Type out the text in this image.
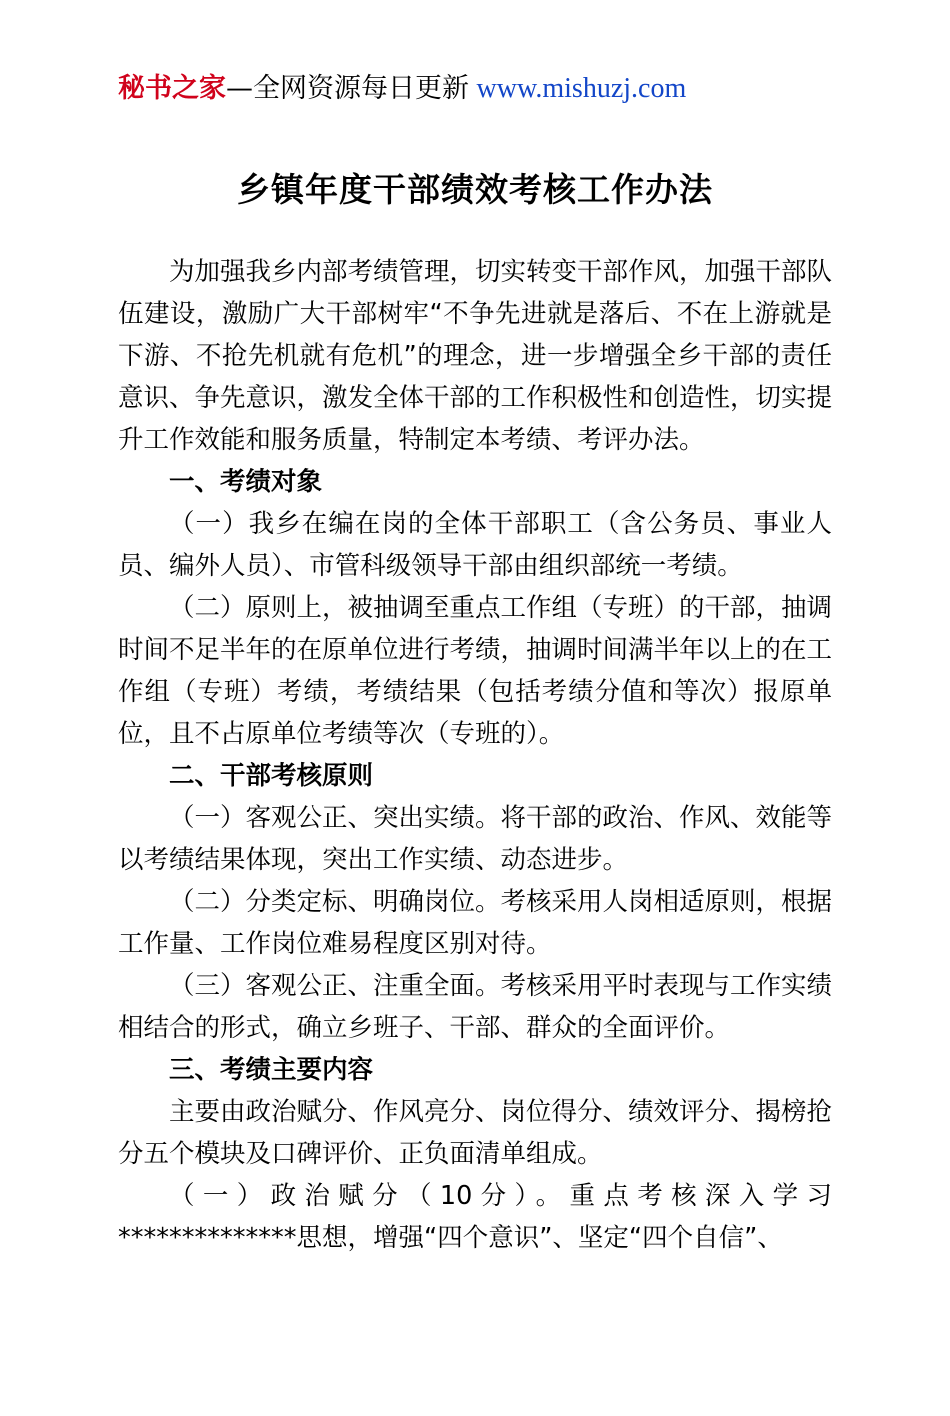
秘书之家—全网资源每日更新 www.mishuzj.com
乡镇年度干部绩效考核工作办法

为加强我乡内部考绩管理，切实转变干部作风，加强干部队伍建设，激励广大干部树牢“不争先进就是落后、不在上游就是下游、不抢先机就有危机”的理念，进一步增强全乡干部的责任意识、争先意识，激发全体干部的工作积极性和创造性，切实提升工作效能和服务质量，特制定本考绩、考评办法。

一、考绩对象

（一）我乡在编在岗的全体干部职工（含公务员、事业人员、编外人员）、市管科级领导干部由组织部统一考绩。

（二）原则上，被抽调至重点工作组（专班）的干部，抽调时间不足半年的在原单位进行考绩，抽调时间满半年以上的在工作组（专班）考绩，考绩结果（包括考绩分值和等次）报原单位，且不占原单位考绩等次（专班的）。

二、干部考核原则

（一）客观公正、突出实绩。将干部的政治、作风、效能等以考绩结果体现，突出工作实绩、动态进步。

（二）分类定标、明确岗位。考核采用人岗相适原则，根据工作量、工作岗位难易程度区别对待。

（三）客观公正、注重全面。考核采用平时表现与工作实绩相结合的形式，确立乡班子、干部、群众的全面评价。

三、考绩主要内容

主要由政治赋分、作风亮分、岗位得分、绩效评分、揭榜抢分五个模块及口碑评价、正负面清单组成。

（一）政治赋分（10分）。重点考核深入学习**************思想，增强“四个意识”、坚定“四个自信”、
